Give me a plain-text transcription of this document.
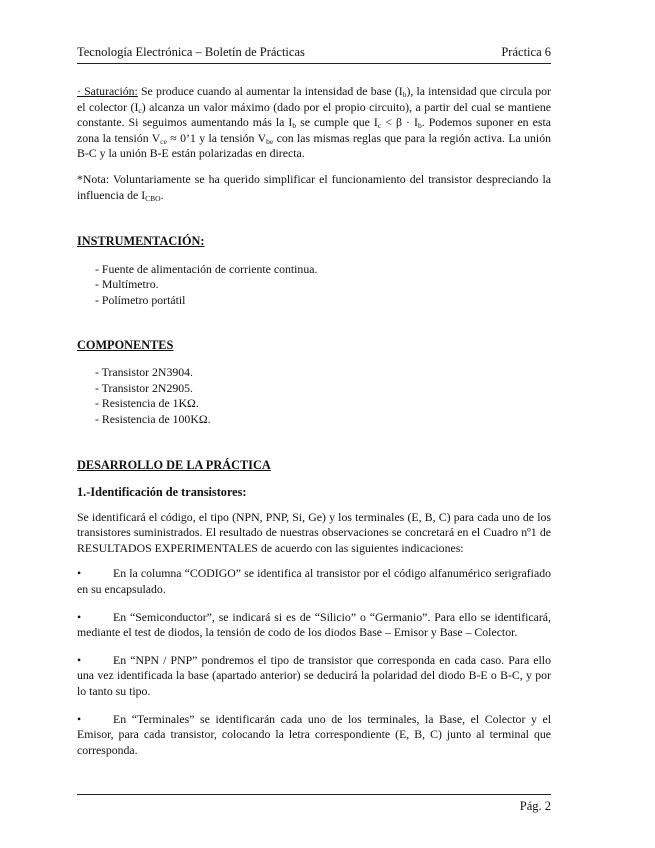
Tecnología Electrónica – Boletín de Prácticas	Práctica 6

· Saturación: Se produce cuando al aumentar la intensidad de base $(I_b)$, la intensidad que circula por el colector $(I_c)$ alcanza un valor máximo (dado por el propio circuito), a partir del cual se mantiene constante. Si seguimos aumentando más la $I_b$ se cumple que $I_c < \beta \cdot I_b$. Podemos suponer en esta zona la tensión $V_{ce}$ ≈ 0’1 y la tensión $V_{be}$ con las mismas reglas que para la región activa. La unión B-C y la unión B-E están polarizadas en directa.

*Nota: Voluntariamente se ha querido simplificar el funcionamiento del transistor despreciando la influencia de $I_{CBO}$.

INSTRUMENTACIÓN:
- Fuente de alimentación de corriente continua.
- Multímetro.
- Polímetro portátil
COMPONENTES
- Transistor 2N3904.
- Transistor 2N2905.
- Resistencia de 1KΩ.
- Resistencia de 100KΩ.
DESARROLLO DE LA PRÁCTICA
1.-Identificación de transistores:

Se identificará el código, el tipo (NPN, PNP, Si, Ge) y los terminales (E, B, C) para cada uno de los transistores suministrados. El resultado de nuestras observaciones se concretará en el Cuadro nº1 de RESULTADOS EXPERIMENTALES de acuerdo con las siguientes indicaciones:

•	En la columna “CODIGO” se identifica al transistor por el código alfanumérico serigrafiado en su encapsulado.

•	En “Semiconductor”, se indicará si es de “Silicio” o “Germanio”. Para ello se identificará, mediante el test de diodos, la tensión de codo de los diodos Base – Emisor y Base – Colector.

•	En “NPN / PNP” pondremos el tipo de transistor que corresponda en cada caso. Para ello una vez identificada la base (apartado anterior) se deducirá la polaridad del diodo B-E o B-C, y por lo tanto su tipo.

•	En “Terminales” se identificarán cada uno de los terminales, la Base, el Colector y el Emisor, para cada transistor, colocando la letra correspondiente (E, B, C) junto al terminal que corresponda.

Pág. 2
